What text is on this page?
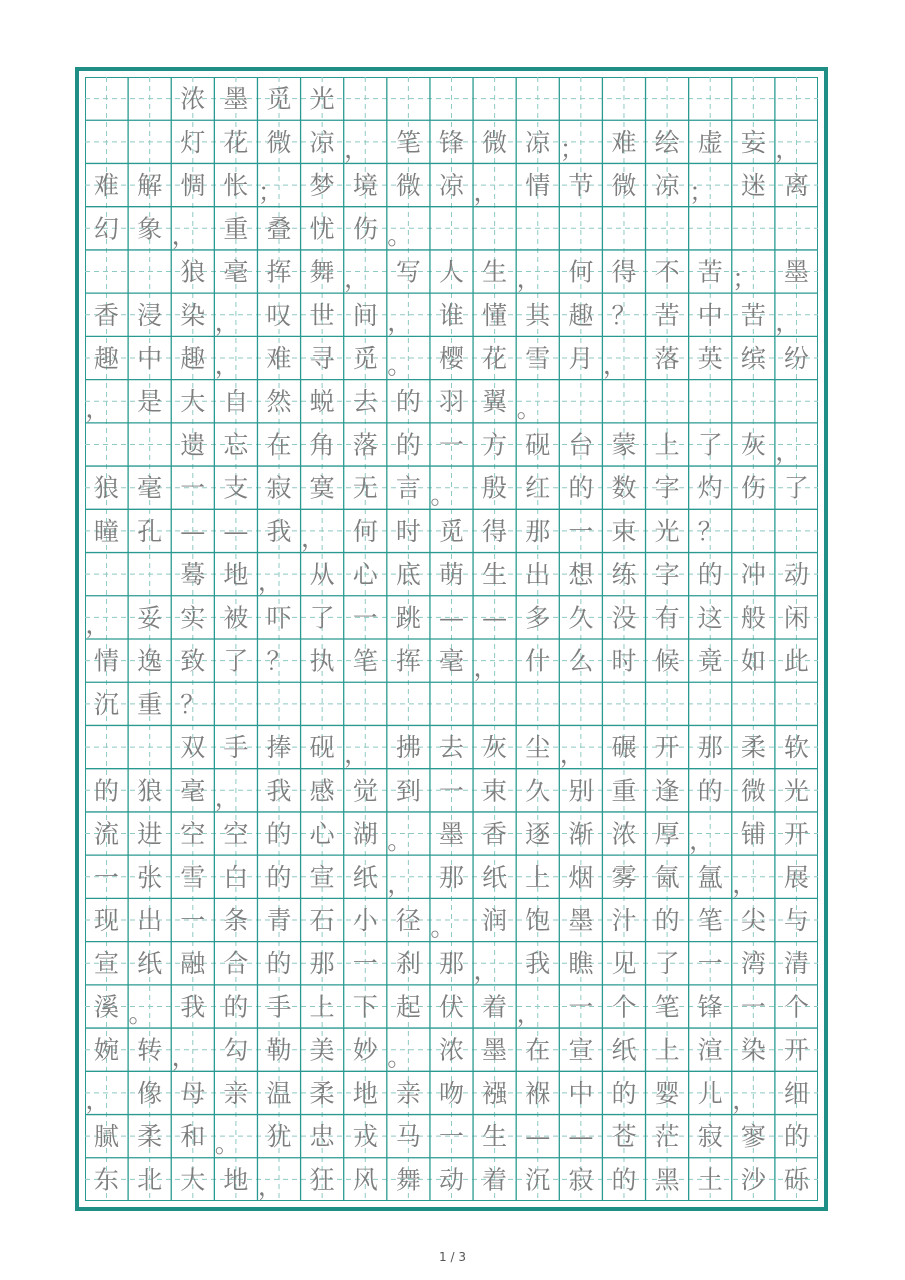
浓 墨 觅 光
灯 花 微 凉 ， 笔 锋 微 凉 ； 难 绘 虚 妄 ，
难 解 惆 怅 ； 梦 境 微 凉 ， 情 节 微 凉 ； 迷 离
幻 象 ， 重 叠 忧 伤 。
狼 毫 挥 舞 ， 写 人 生 ， 何 得 不 苦 ； 墨
香 浸 染 ， 叹 世 间 ， 谁 懂 其 趣 ？ 苦 中 苦 ，
趣 中 趣 ， 难 寻 觅 。 樱 花 雪 月 ， 落 英 缤 纷
， 是 大 自 然 蜕 去 的 羽 翼 。
遗 忘 在 角 落 的 一 方 砚 台 蒙 上 了 灰 ，
狼 毫 一 支 寂 寞 无 言 。 殷 红 的 数 字 灼 伤 了
瞳 孔 — — 我 ， 何 时 觅 得 那 一 束 光 ？
蓦 地 ， 从 心 底 萌 生 出 想 练 字 的 冲 动
， 妥 实 被 吓 了 一 跳 — — 多 久 没 有 这 般 闲
情 逸 致 了 ？ 执 笔 挥 毫 ， 什 么 时 候 竟 如 此
沉 重 ？
双 手 捧 砚 ， 拂 去 灰 尘 ， 碾 开 那 柔 软
的 狼 毫 ， 我 感 觉 到 一 束 久 别 重 逢 的 微 光
流 进 空 空 的 心 湖 。 墨 香 逐 渐 浓 厚 ， 铺 开
一 张 雪 白 的 宣 纸 ， 那 纸 上 烟 雾 氤 氲 ， 展
现 出 一 条 青 石 小 径 。 润 饱 墨 汁 的 笔 尖 与
宣 纸 融 合 的 那 一 刹 那 ， 我 瞧 见 了 一 湾 清
溪 。 我 的 手 上 下 起 伏 着 ， 一 个 笔 锋 一 个
婉 转 ， 勾 勒 美 妙 。 浓 墨 在 宣 纸 上 渲 染 开
， 像 母 亲 温 柔 地 亲 吻 襁 褓 中 的 婴 儿 ， 细
腻 柔 和 。 犹 忠 戎 马 一 生 — — 苍 茫 寂 寥 的
东 北 大 地 ， 狂 风 舞 动 着 沉 寂 的 黑 土 沙 砾
1 / 3
